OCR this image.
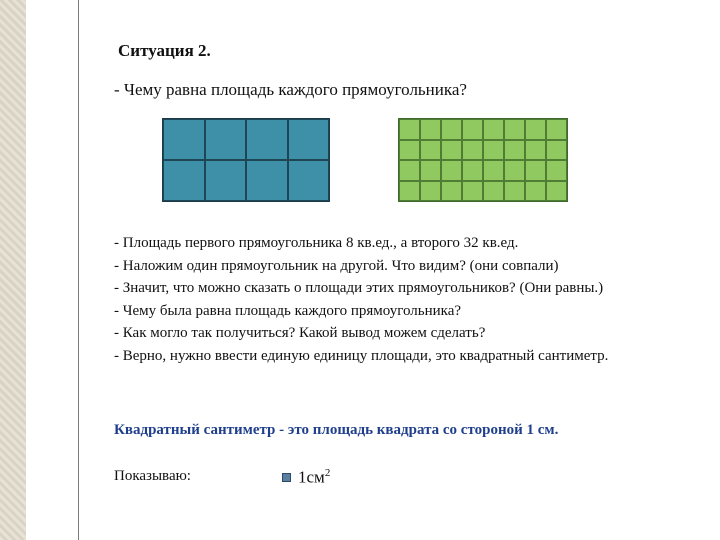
Ситуация 2.
- Чему равна площадь каждого прямоугольника?
- Площадь первого прямоугольника 8 кв.ед., а второго 32 кв.ед.
- Наложим один прямоугольник на другой. Что видим? (они совпали)
- Значит, что можно сказать о площади этих прямоугольников? (Они равны.)
- Чему была равна площадь каждого прямоугольника?
- Как могло так получиться? Какой вывод можем сделать?
- Верно, нужно ввести единую единицу площади, это квадратный сантиметр.
Квадратный сантиметр - это площадь квадрата со стороной 1 см.
Показываю:	$1см^2$
